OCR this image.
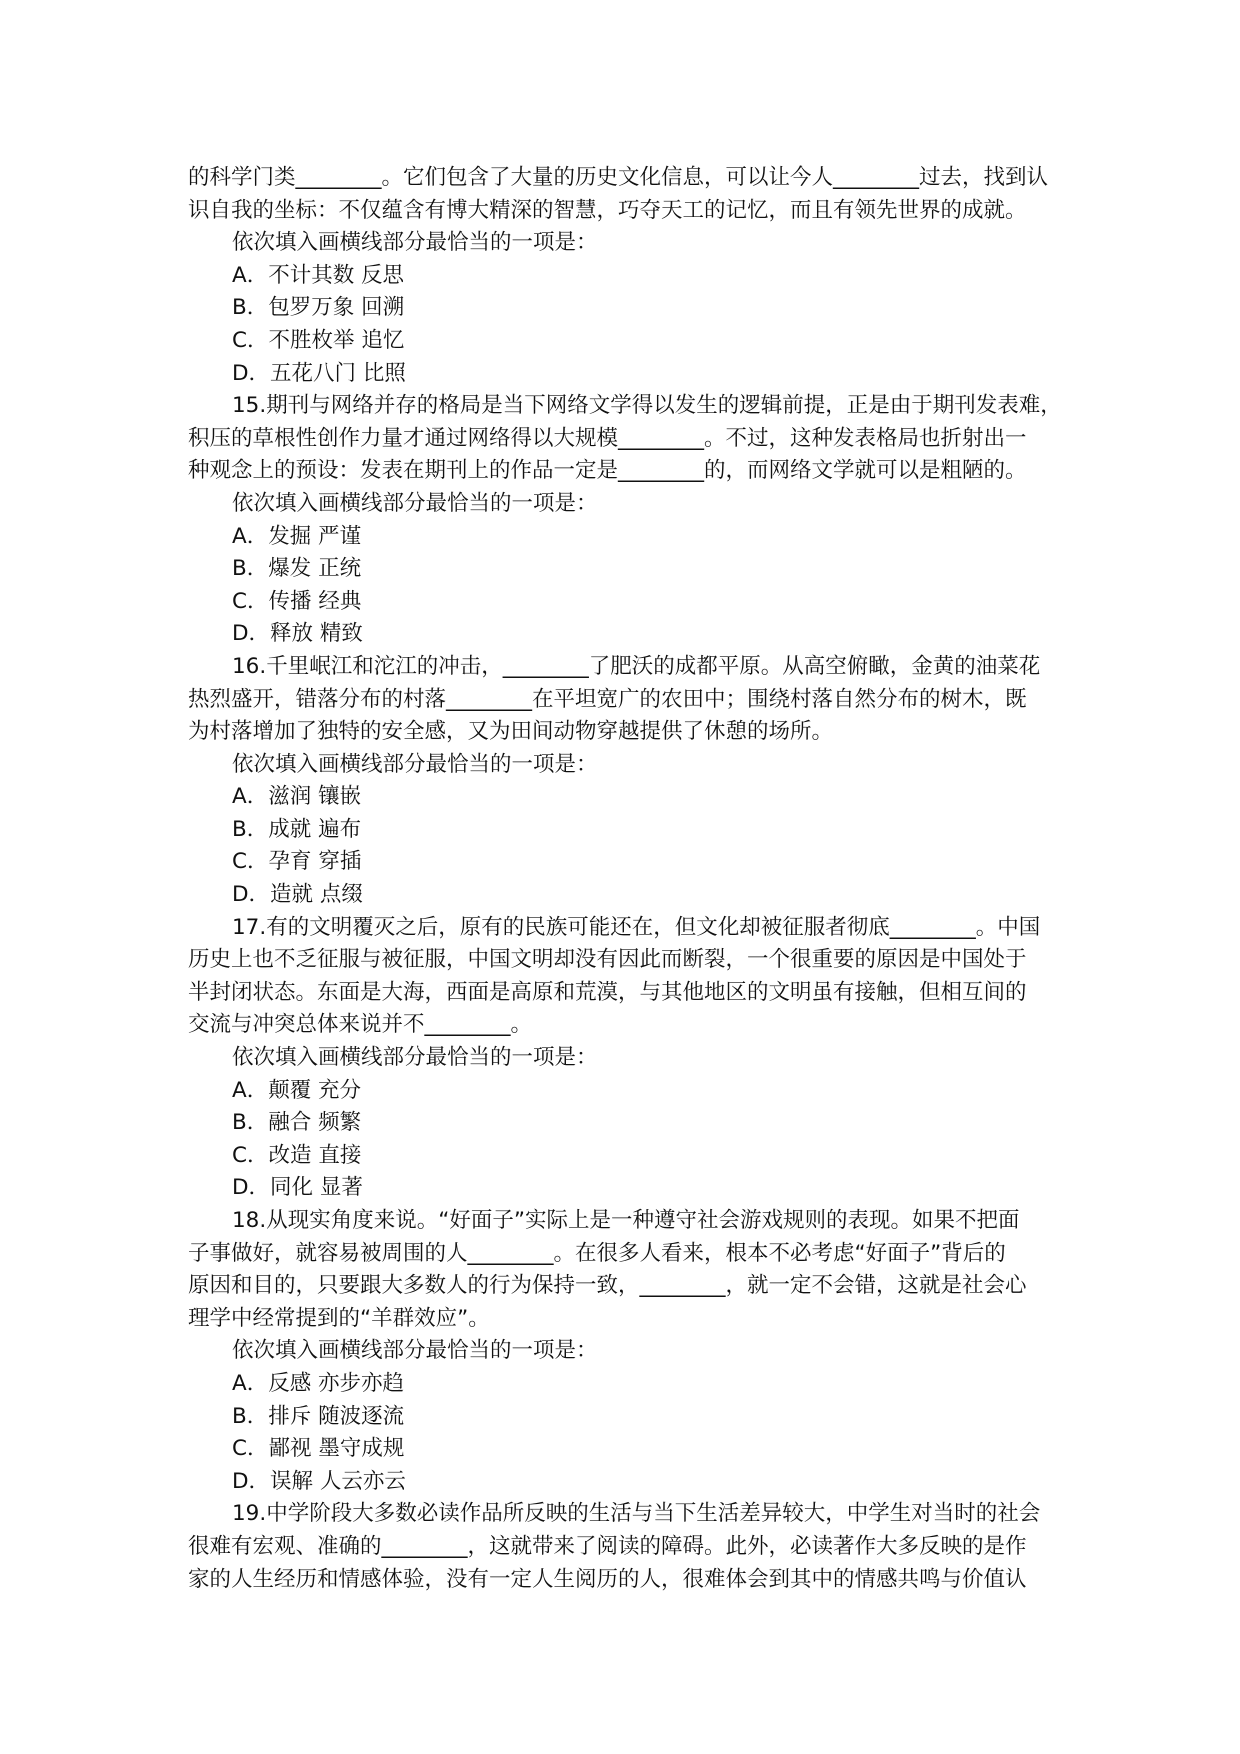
的科学门类________。它们包含了大量的历史文化信息，可以让今人________过去，找到认
识自我的坐标：不仅蕴含有博大精深的智慧，巧夺天工的记忆，而且有领先世界的成就。
依次填入画横线部分最恰当的一项是：
A．不计其数 反思
B．包罗万象 回溯
C．不胜枚举 追忆
D．五花八门 比照
15.期刊与网络并存的格局是当下网络文学得以发生的逻辑前提，正是由于期刊发表难，
积压的草根性创作力量才通过网络得以大规模________。不过，这种发表格局也折射出一
种观念上的预设：发表在期刊上的作品一定是________的，而网络文学就可以是粗陋的。
依次填入画横线部分最恰当的一项是：
A．发掘 严谨
B．爆发 正统
C．传播 经典
D．释放 精致
16.千里岷江和沱江的冲击，________了肥沃的成都平原。从高空俯瞰，金黄的油菜花
热烈盛开，错落分布的村落________在平坦宽广的农田中；围绕村落自然分布的树木，既
为村落增加了独特的安全感，又为田间动物穿越提供了休憩的场所。
依次填入画横线部分最恰当的一项是：
A．滋润 镶嵌
B．成就 遍布
C．孕育 穿插
D．造就 点缀
17.有的文明覆灭之后，原有的民族可能还在，但文化却被征服者彻底________。中国
历史上也不乏征服与被征服，中国文明却没有因此而断裂，一个很重要的原因是中国处于
半封闭状态。东面是大海，西面是高原和荒漠，与其他地区的文明虽有接触，但相互间的
交流与冲突总体来说并不________。
依次填入画横线部分最恰当的一项是：
A．颠覆 充分
B．融合 频繁
C．改造 直接
D．同化 显著
18.从现实角度来说。“好面子”实际上是一种遵守社会游戏规则的表现。如果不把面
子事做好，就容易被周围的人________。在很多人看来，根本不必考虑“好面子”背后的
原因和目的，只要跟大多数人的行为保持一致，________，就一定不会错，这就是社会心
理学中经常提到的“羊群效应”。
依次填入画横线部分最恰当的一项是：
A．反感 亦步亦趋
B．排斥 随波逐流
C．鄙视 墨守成规
D．误解 人云亦云
19.中学阶段大多数必读作品所反映的生活与当下生活差异较大，中学生对当时的社会
很难有宏观、准确的________，这就带来了阅读的障碍。此外，必读著作大多反映的是作
家的人生经历和情感体验，没有一定人生阅历的人，很难体会到其中的情感共鸣与价值认
